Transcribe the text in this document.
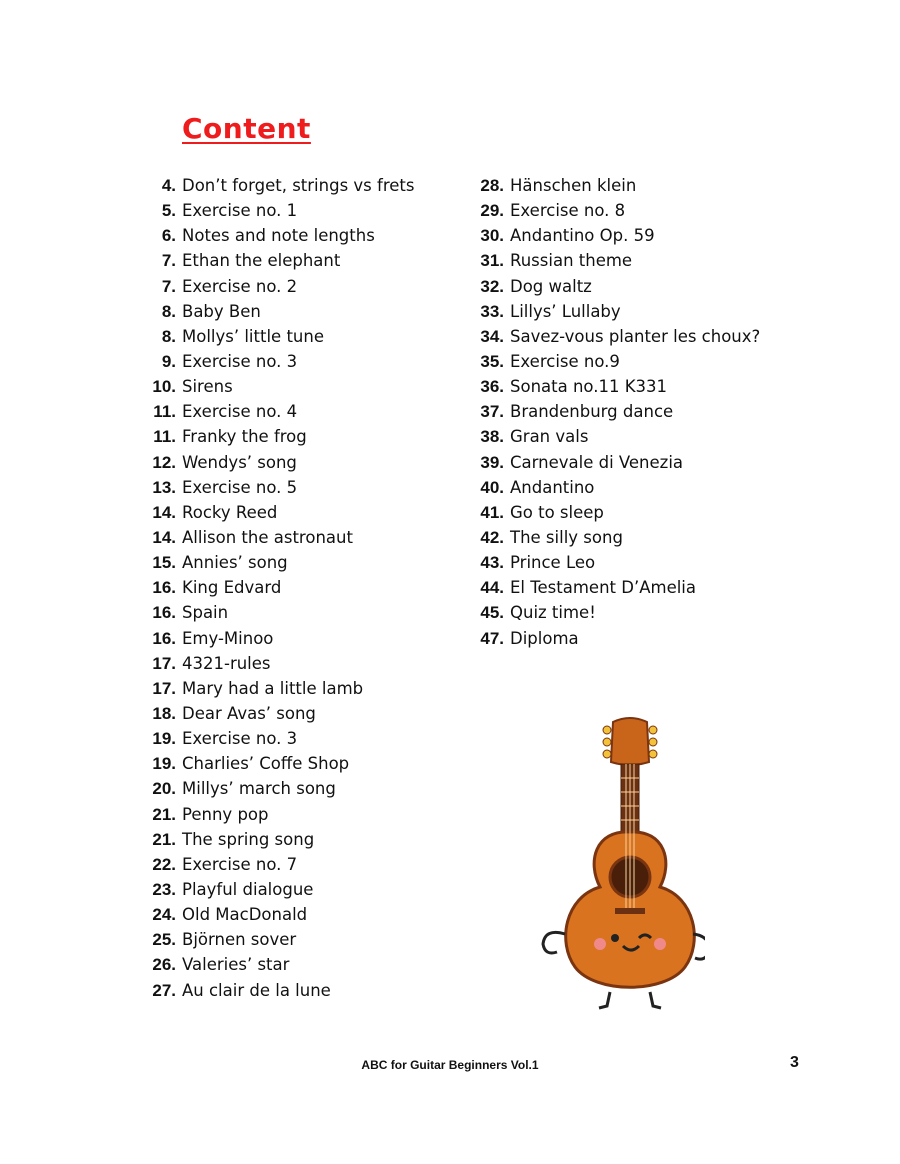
Content
4. Don’t forget, strings vs frets
5. Exercise no. 1
6. Notes and note lengths
7. Ethan the elephant
7. Exercise no. 2
8. Baby Ben
8. Mollys’ little tune
9. Exercise no. 3
10. Sirens
11. Exercise no. 4
11. Franky the frog
12. Wendys’ song
13. Exercise no. 5
14. Rocky Reed
14. Allison the astronaut
15. Annies’ song
16. King Edvard
16. Spain
16. Emy-Minoo
17. 4321-rules
17. Mary had a little lamb
18. Dear Avas’ song
19. Exercise no. 3
19. Charlies’ Coffe Shop
20. Millys’ march song
21. Penny pop
21. The spring song
22. Exercise no. 7
23. Playful dialogue
24. Old MacDonald
25. Björnen sover
26. Valeries’ star
27. Au clair de la lune
28. Hänschen klein
29. Exercise no. 8
30. Andantino Op. 59
31. Russian theme
32. Dog waltz
33. Lillys’ Lullaby
34. Savez-vous planter les choux?
35. Exercise no.9
36. Sonata no.11 K331
37. Brandenburg dance
38. Gran vals
39. Carnevale di Venezia
40. Andantino
41. Go to sleep
42. The silly song
43. Prince Leo
44. El Testament D’Amelia
45. Quiz time!
47. Diploma
ABC for Guitar Beginners Vol.1	3
